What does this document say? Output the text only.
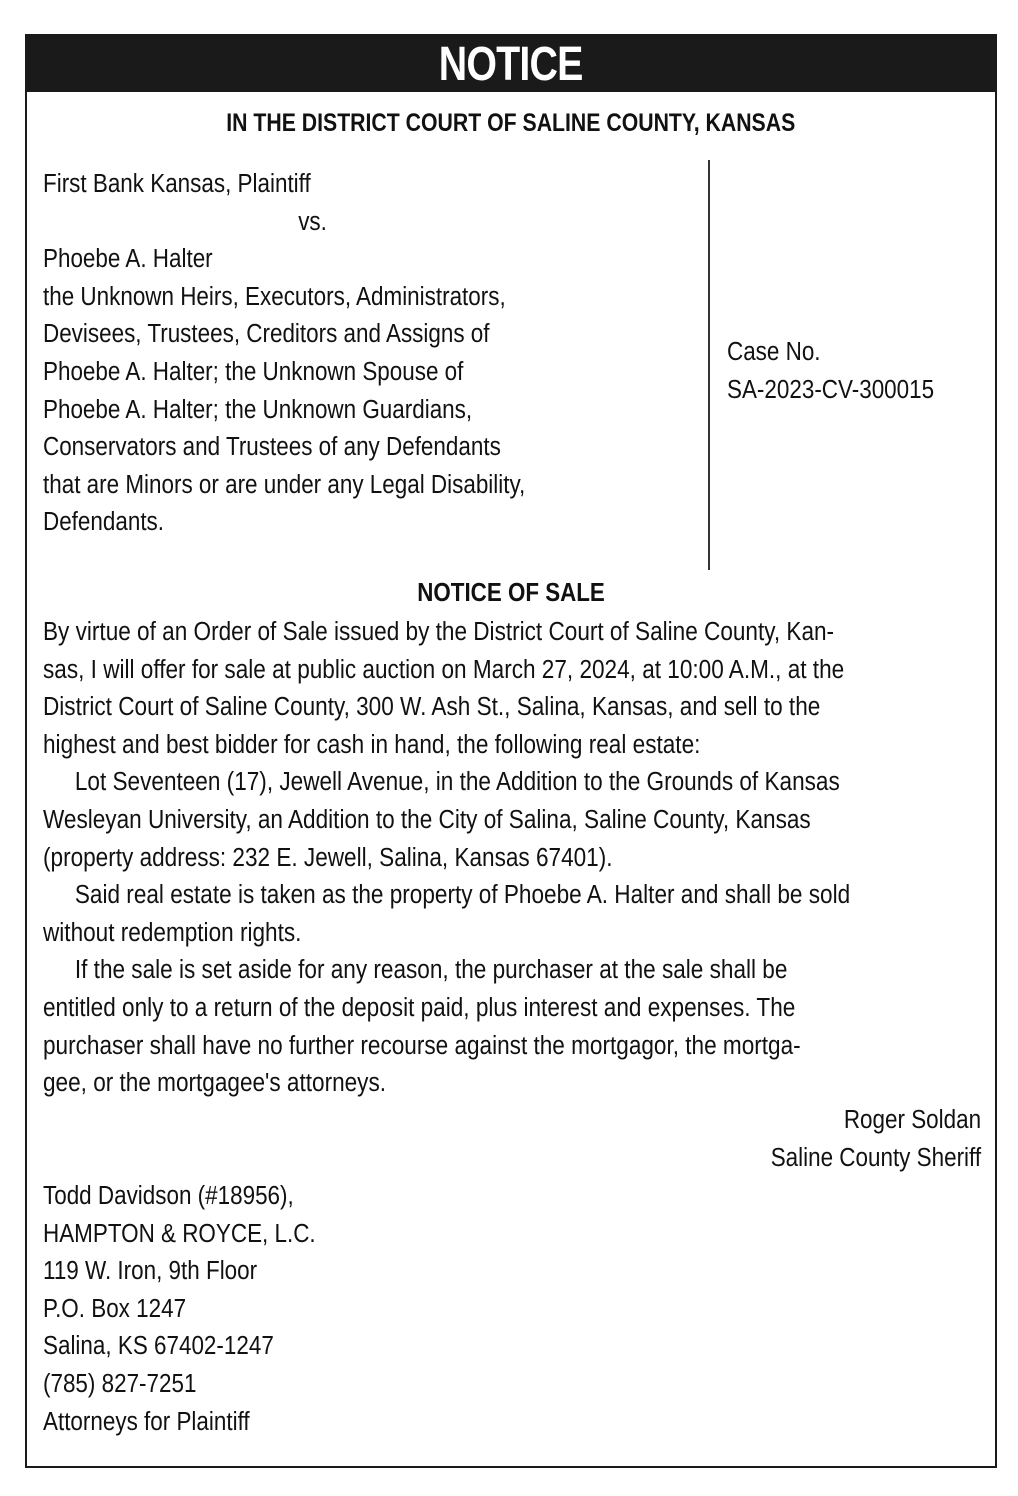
NOTICE
IN THE DISTRICT COURT OF SALINE COUNTY, KANSAS
First Bank Kansas, Plaintiff
vs.
Phoebe A. Halter
the Unknown Heirs, Executors, Administrators,
Devisees, Trustees, Creditors and Assigns of
Phoebe A. Halter; the Unknown Spouse of
Phoebe A. Halter; the Unknown Guardians,
Conservators and Trustees of any Defendants
that are Minors or are under any Legal Disability,
Defendants.
Case No.
SA-2023-CV-300015
NOTICE OF SALE
By virtue of an Order of Sale issued by the District Court of Saline County, Kan-
sas, I will offer for sale at public auction on March 27, 2024, at 10:00 A.M., at the
District Court of Saline County, 300 W. Ash St., Salina, Kansas, and sell to the
highest and best bidder for cash in hand, the following real estate:
Lot Seventeen (17), Jewell Avenue, in the Addition to the Grounds of Kansas
Wesleyan University, an Addition to the City of Salina, Saline County, Kansas
(property address: 232 E. Jewell, Salina, Kansas 67401).
Said real estate is taken as the property of Phoebe A. Halter and shall be sold
without redemption rights.
If the sale is set aside for any reason, the purchaser at the sale shall be
entitled only to a return of the deposit paid, plus interest and expenses. The
purchaser shall have no further recourse against the mortgagor, the mortga-
gee, or the mortgagee's attorneys.
Roger Soldan
Saline County Sheriff
Todd Davidson (#18956),
HAMPTON & ROYCE, L.C.
119 W. Iron, 9th Floor
P.O. Box 1247
Salina, KS 67402-1247
(785) 827-7251
Attorneys for Plaintiff
